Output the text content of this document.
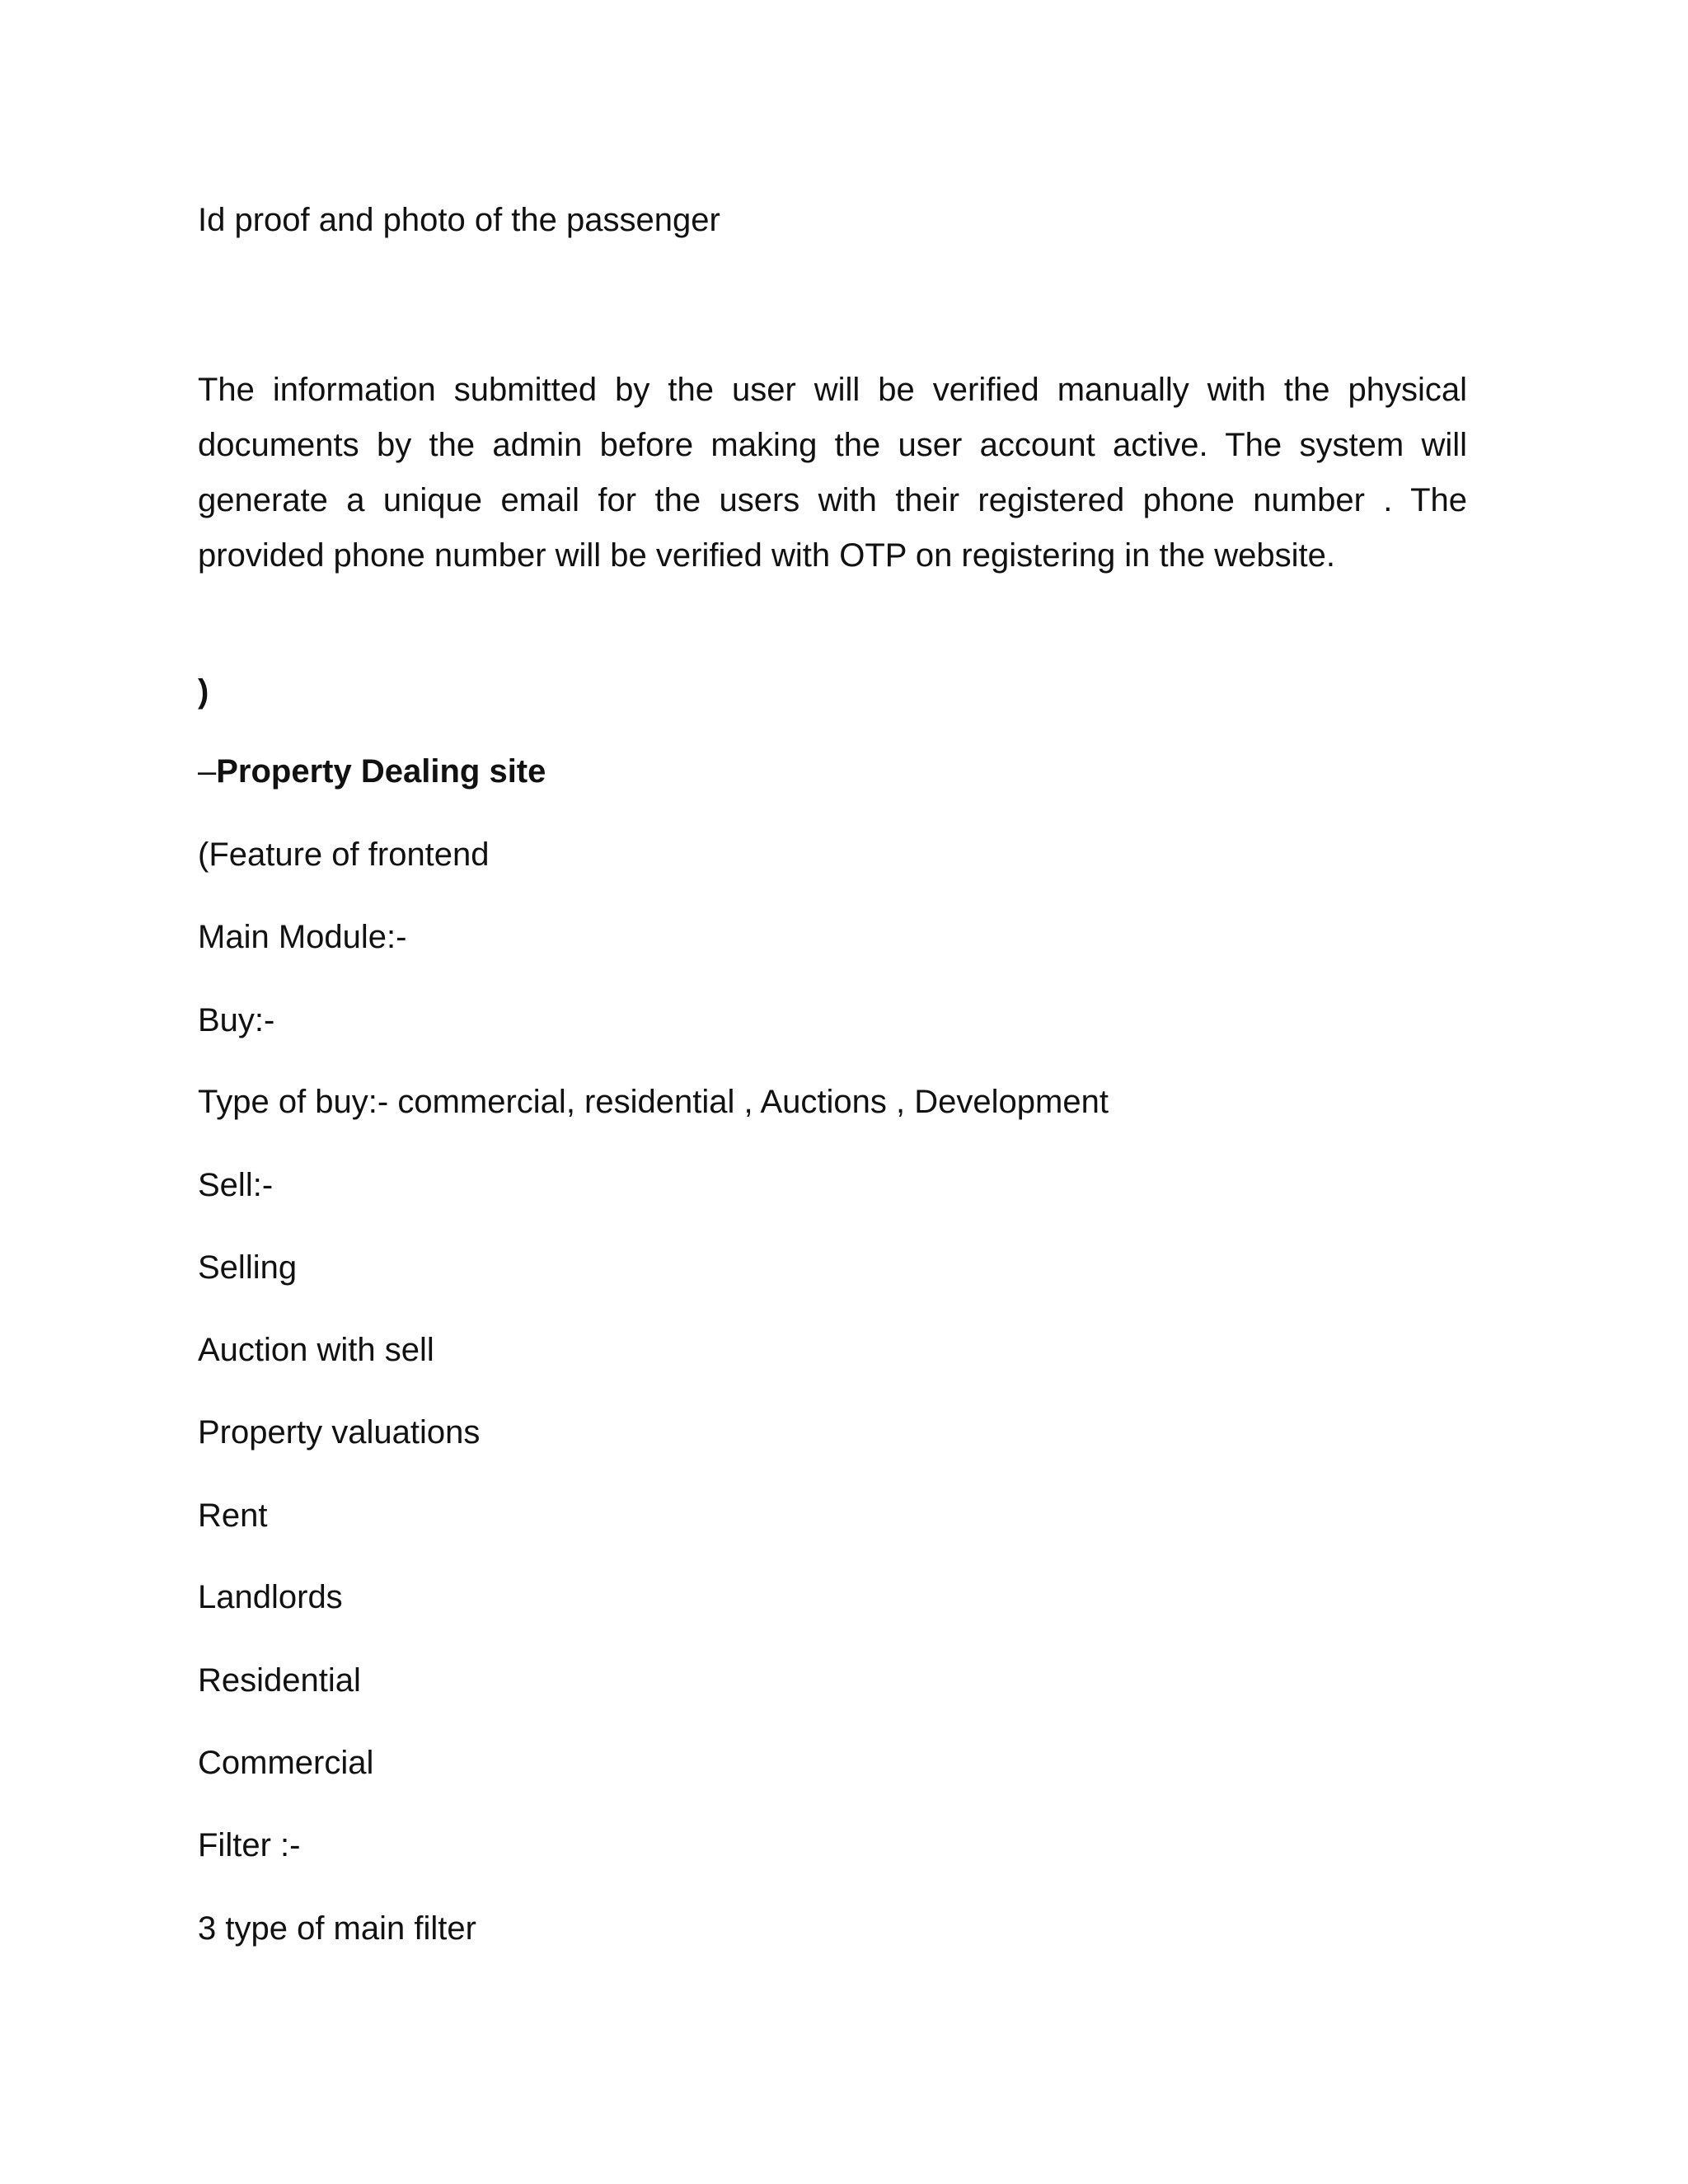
Id proof and photo of the passenger

The information submitted by the user will be verified manually with the physical documents by the admin before making the user account active. The system will generate a unique email for the users with their registered phone number . The provided phone number will be verified with OTP on registering in the website.

)

–Property Dealing site

(Feature of frontend

Main Module:-

Buy:-

Type of buy:- commercial, residential , Auctions , Development

Sell:-

Selling

Auction with sell

Property valuations

Rent

Landlords

Residential

Commercial

Filter :-

3 type of main filter
